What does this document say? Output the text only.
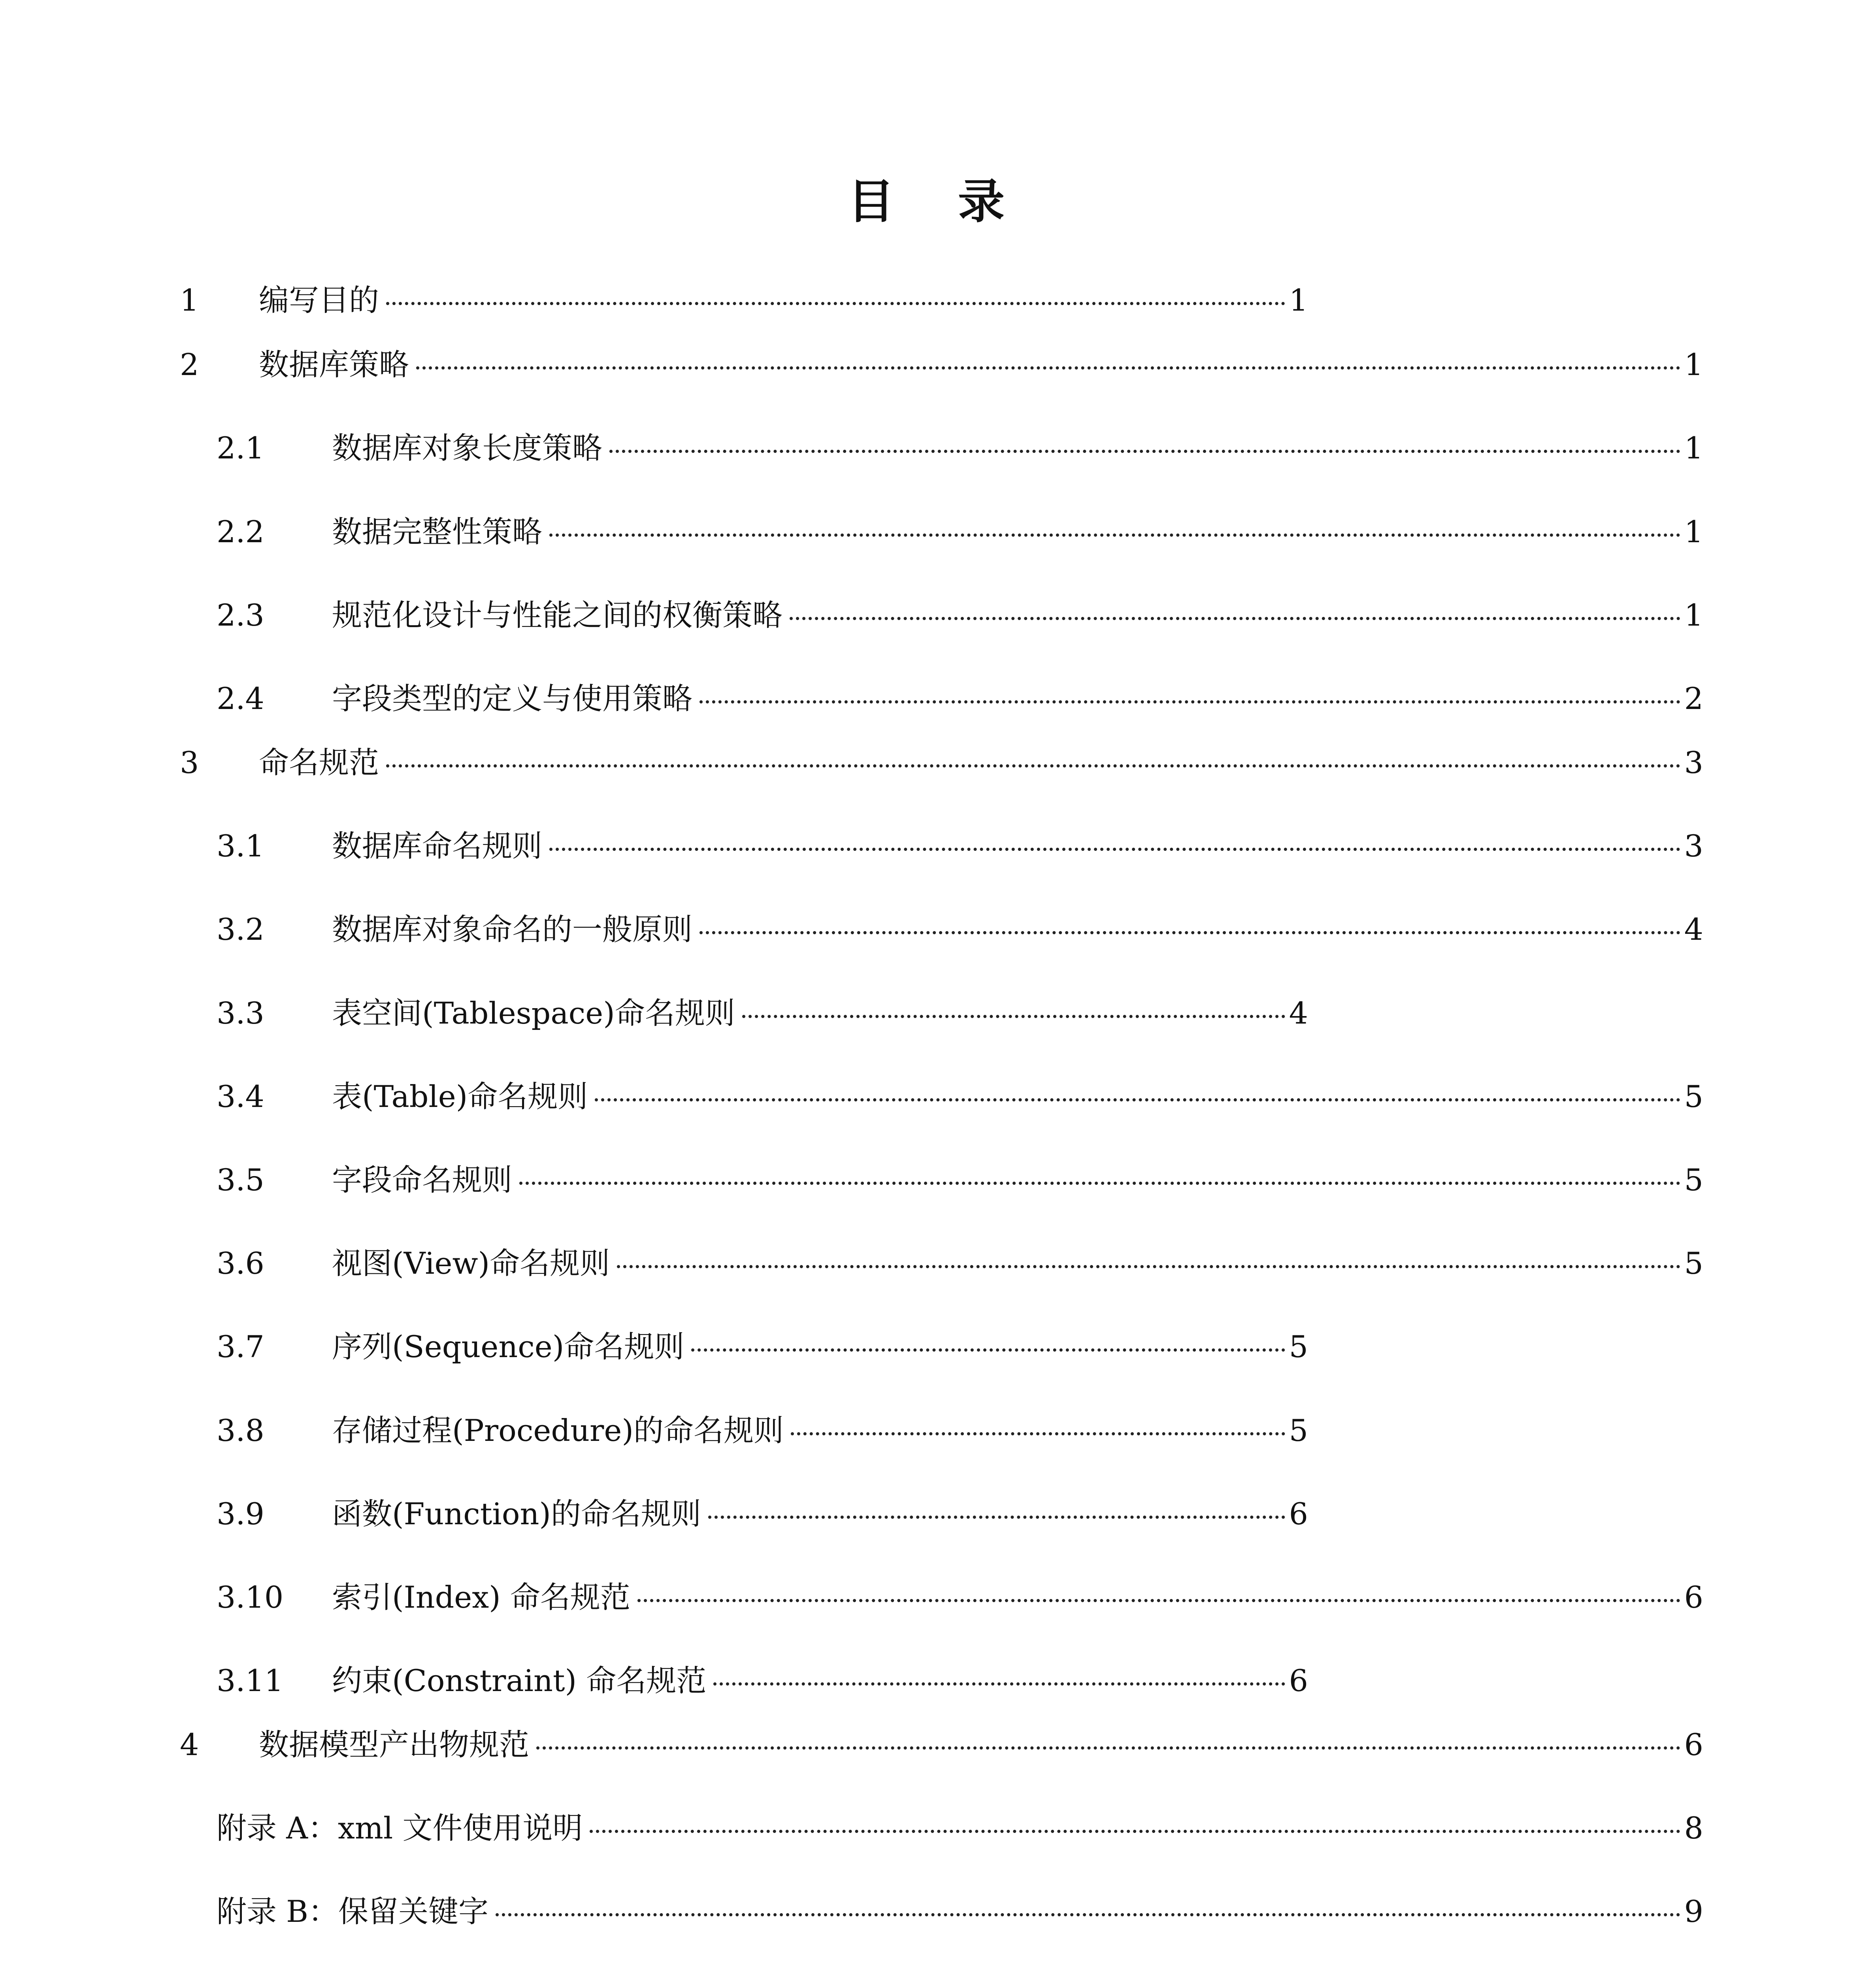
目 录
1	编写目的	1
2	数据库策略	1
2.1	数据库对象长度策略	1
2.2	数据完整性策略	1
2.3	规范化设计与性能之间的权衡策略	1
2.4	字段类型的定义与使用策略	2
3	命名规范	3
3.1	数据库命名规则	3
3.2	数据库对象命名的一般原则	4
3.3	表空间(Tablespace)命名规则	4
3.4	表(Table)命名规则	5
3.5	字段命名规则	5
3.6	视图(View)命名规则	5
3.7	序列(Sequence)命名规则	5
3.8	存储过程(Procedure)的命名规则	5
3.9	函数(Function)的命名规则	6
3.10	索引(Index) 命名规范	6
3.11	约束(Constraint) 命名规范	6
4	数据模型产出物规范	6
附录 A：xml 文件使用说明	8
附录 B：保留关键字	9
